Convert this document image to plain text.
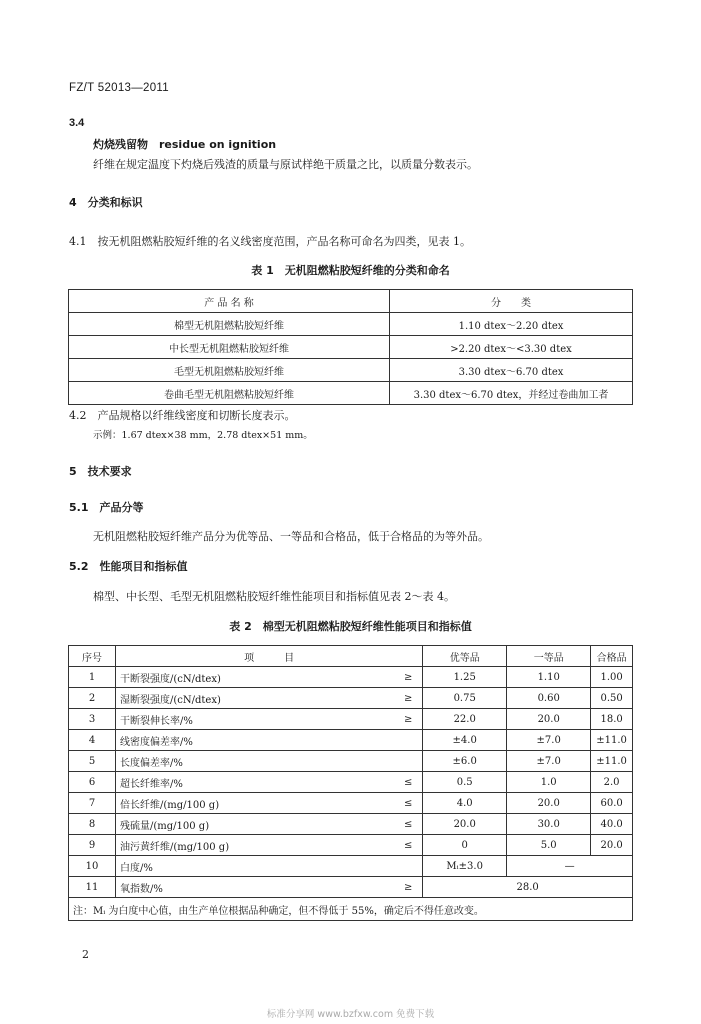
FZ/T 52013—2011
3.4
灼烧残留物　residue on ignition
纤维在规定温度下灼烧后残渣的质量与原试样绝干质量之比，以质量分数表示。
4　分类和标识
4.1　按无机阻燃粘胶短纤维的名义线密度范围，产品名称可命名为四类，见表 1。
表 1　无机阻燃粘胶短纤维的分类和命名
产 品 名 称	分　　类
棉型无机阻燃粘胶短纤维	1.10 dtex～2.20 dtex
中长型无机阻燃粘胶短纤维	>2.20 dtex～<3.30 dtex
毛型无机阻燃粘胶短纤维	3.30 dtex～6.70 dtex
卷曲毛型无机阻燃粘胶短纤维	3.30 dtex～6.70 dtex，并经过卷曲加工者
4.2　产品规格以纤维线密度和切断长度表示。
示例：1.67 dtex×38 mm，2.78 dtex×51 mm。
5　技术要求
5.1　产品分等
无机阻燃粘胶短纤维产品分为优等品、一等品和合格品，低于合格品的为等外品。
5.2　性能项目和指标值
棉型、中长型、毛型无机阻燃粘胶短纤维性能项目和指标值见表 2～表 4。
表 2　棉型无机阻燃粘胶短纤维性能项目和指标值
序号	项　　　目		优等品	一等品	合格品
1	干断裂强度/(cN/dtex)	≥	1.25	1.10	1.00
2	湿断裂强度/(cN/dtex)	≥	0.75	0.60	0.50
3	干断裂伸长率/%	≥	22.0	20.0	18.0
4	线密度偏差率/%		±4.0	±7.0	±11.0
5	长度偏差率/%		±6.0	±7.0	±11.0
6	超长纤维率/%	≤	0.5	1.0	2.0
7	倍长纤维/(mg/100 g)	≤	4.0	20.0	60.0
8	残硫量/(mg/100 g)	≤	20.0	30.0	40.0
9	油污黄纤维/(mg/100 g)	≤	0	5.0	20.0
10	白度/%		Mᵢ±3.0	—	
11	氧指数/%	≥	28.0		
注：Mᵢ 为白度中心值，由生产单位根据品种确定，但不得低于 55%，确定后不得任意改变。					
2
标准分享网 www.bzfxw.com 免费下载
